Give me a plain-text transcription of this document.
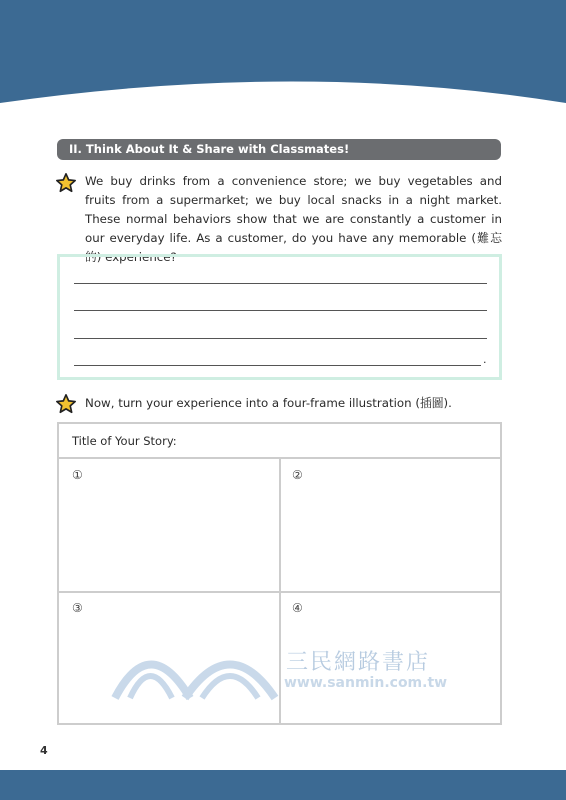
II. Think About It & Share with Classmates!
We buy drinks from a convenience store; we buy vegetables and fruits from a supermarket; we buy local snacks in a night market. These normal behaviors show that we are constantly a customer in our everyday life. As a customer, do you have any memorable (難忘的) experience?
.
Now, turn your experience into a four-frame illustration (插圖).
Title of Your Story:
①	②
③	④
三民網路書店
www.sanmin.com.tw
4
